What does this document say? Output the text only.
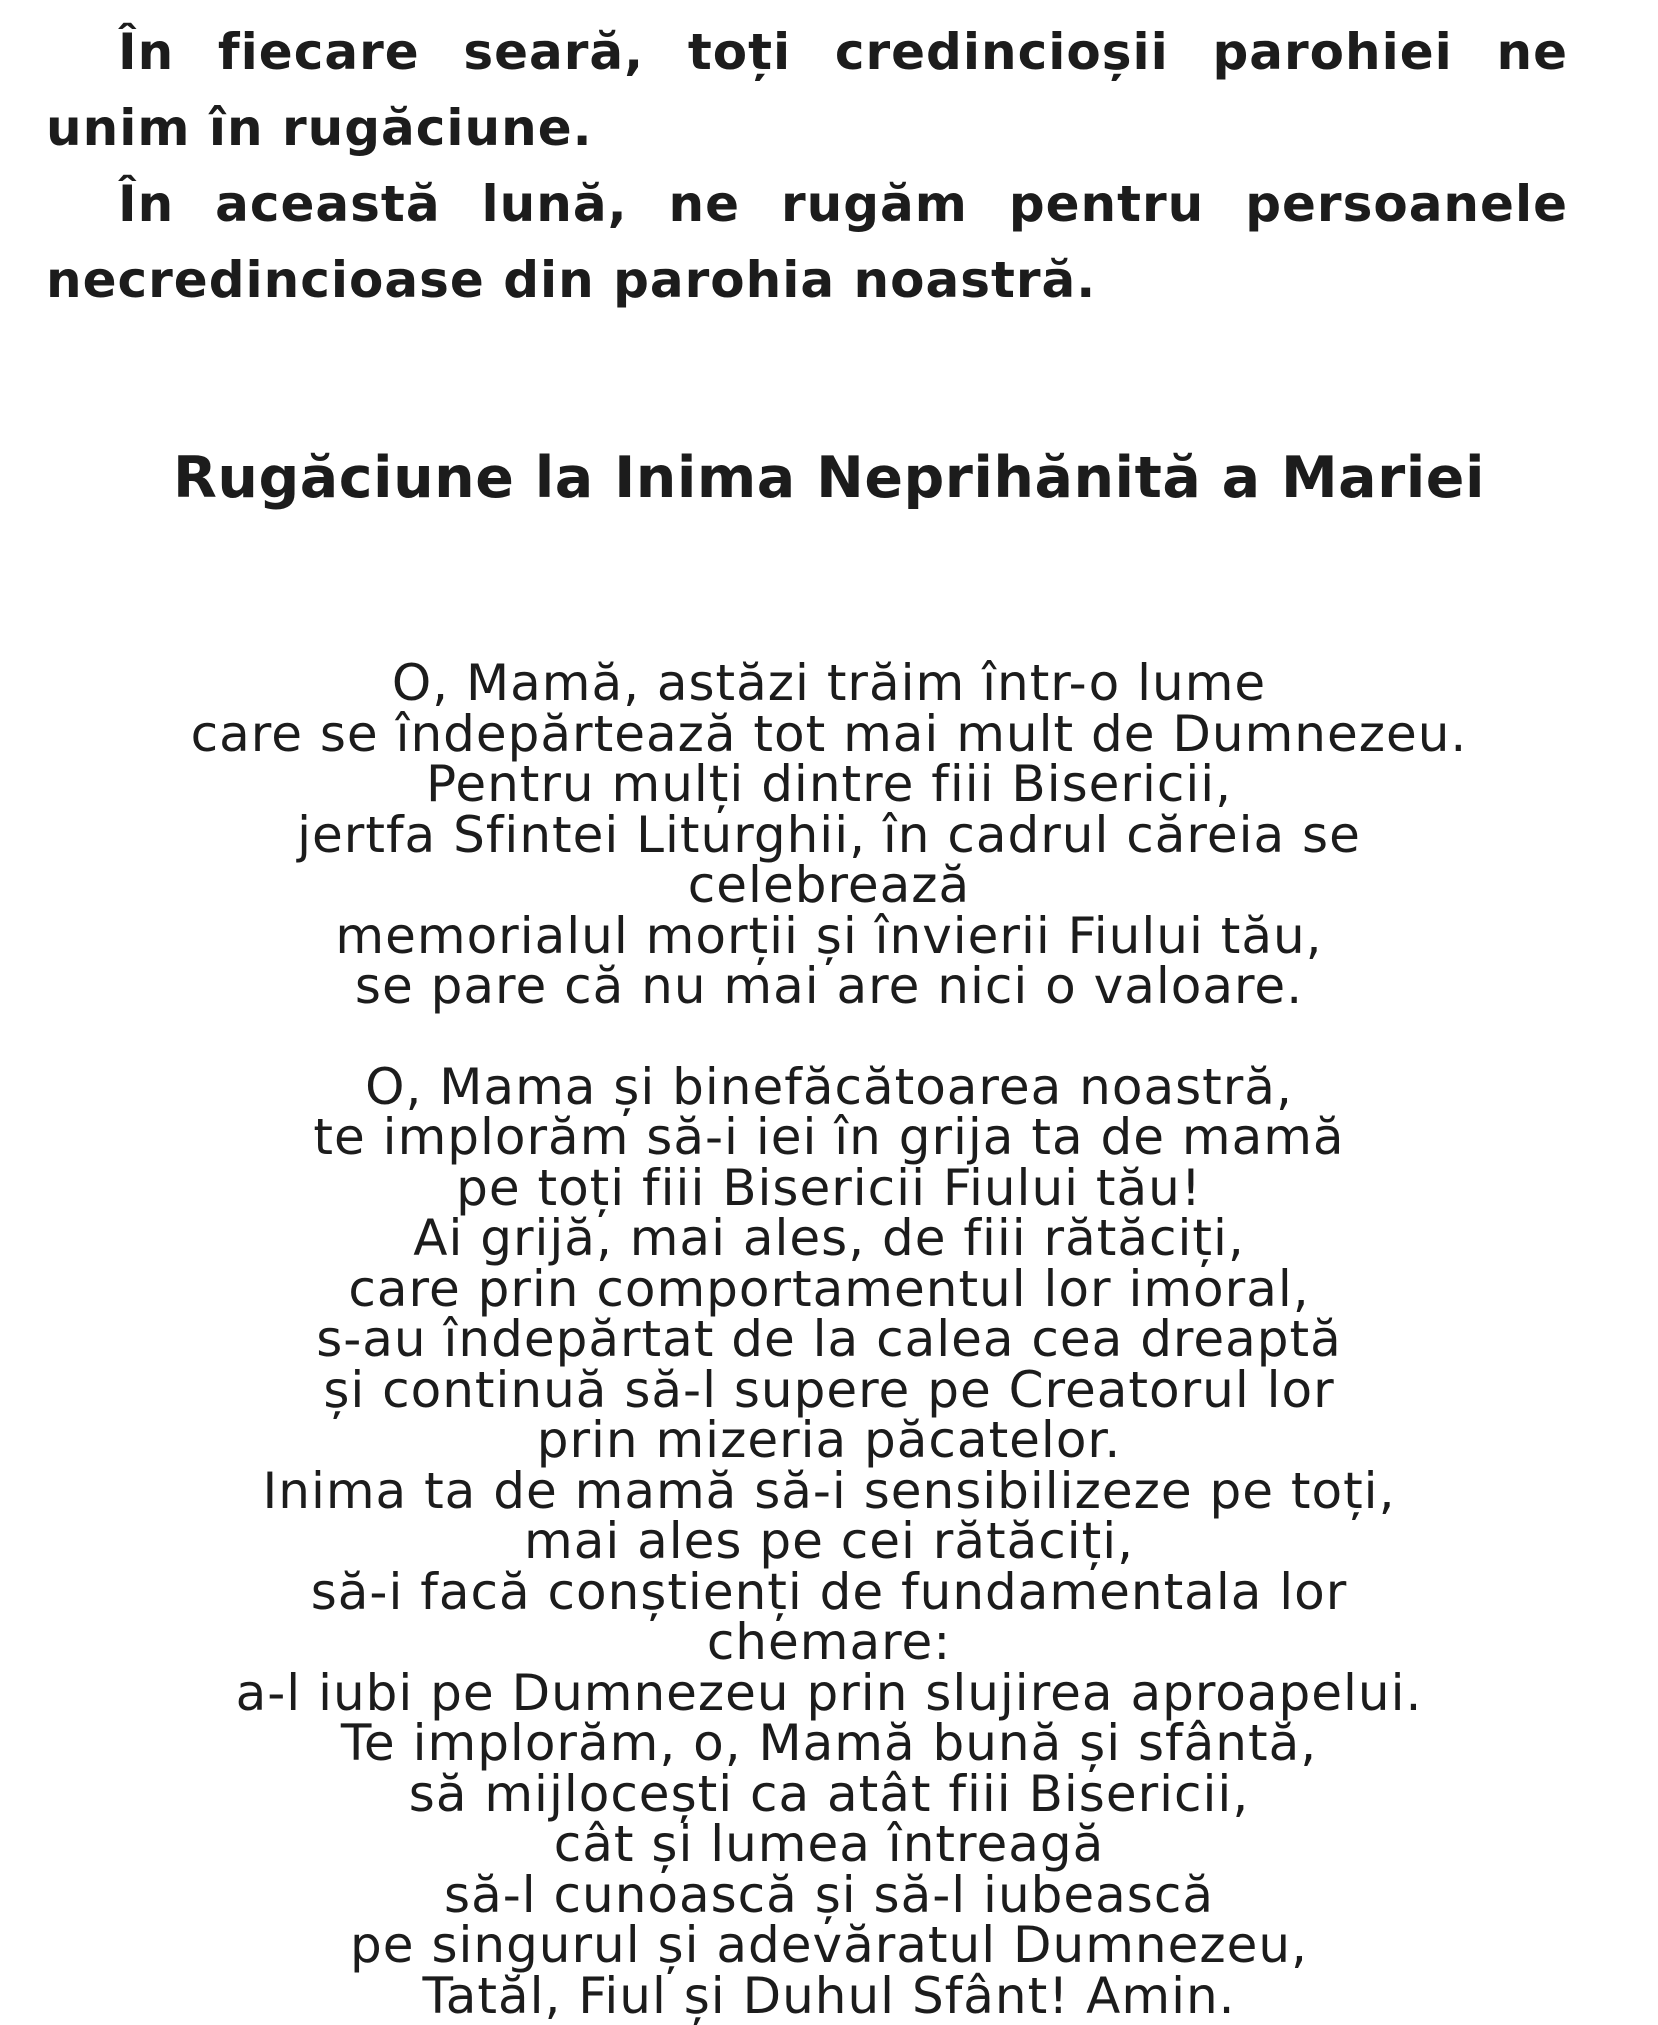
În fiecare seară, toți credincioșii parohiei ne unim în rugăciune.

În această lună, ne rugăm pentru persoanele necredincioase din parohia noastră.

Rugăciune la Inima Neprihănită a Mariei
O, Mamă, astăzi trăim într-o lume
care se îndepărtează tot mai mult de Dumnezeu.
Pentru mulți dintre fiii Bisericii,
jertfa Sfintei Liturghii, în cadrul căreia se
celebrează
memorialul morții și învierii Fiului tău,
se pare că nu mai are nici o valoare.
O, Mama și binefăcătoarea noastră,
te implorăm să-i iei în grija ta de mamă
pe toți fiii Bisericii Fiului tău!
Ai grijă, mai ales, de fiii rătăciți,
care prin comportamentul lor imoral,
s-au îndepărtat de la calea cea dreaptă
și continuă să-l supere pe Creatorul lor
prin mizeria păcatelor.
Inima ta de mamă să-i sensibilizeze pe toți,
mai ales pe cei rătăciți,
să-i facă conștienți de fundamentala lor
chemare:
a-l iubi pe Dumnezeu prin slujirea aproapelui.
Te implorăm, o, Mamă bună și sfântă,
să mijlocești ca atât fiii Bisericii,
cât și lumea întreagă
să-l cunoască și să-l iubească
pe singurul și adevăratul Dumnezeu,
Tatăl, Fiul și Duhul Sfânt! Amin.
